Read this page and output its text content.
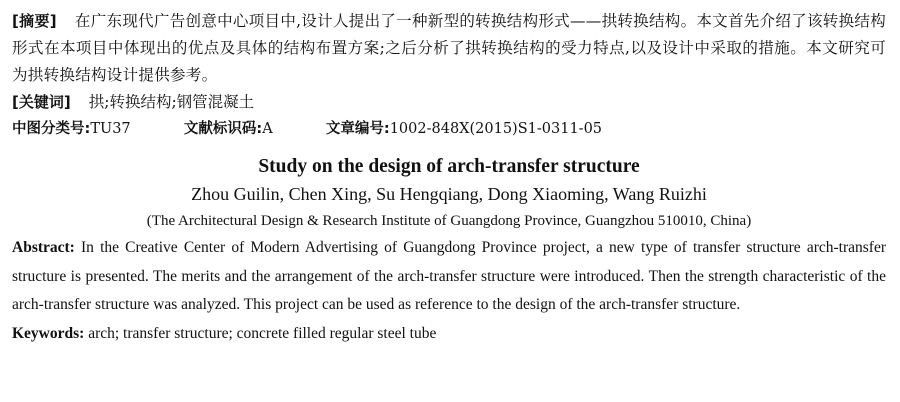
[摘要] 在广东现代广告创意中心项目中,设计人提出了一种新型的转换结构形式——拱转换结构。本文首先介绍了该转换结构形式在本项目中体现出的优点及具体的结构布置方案;之后分析了拱转换结构的受力特点,以及设计中采取的措施。本文研究可为拱转换结构设计提供参考。
[关键词] 拱;转换结构;钢管混凝土
中图分类号:TU37	文献标识码:A	文章编号:1002-848X(2015)S1-0311-05
Study on the design of arch-transfer structure
Zhou Guilin, Chen Xing, Su Hengqiang, Dong Xiaoming, Wang Ruizhi
(The Architectural Design & Research Institute of Guangdong Province, Guangzhou 510010, China)
Abstract: In the Creative Center of Modern Advertising of Guangdong Province project, a new type of transfer structure arch-transfer structure is presented. The merits and the arrangement of the arch-transfer structure were introduced. Then the strength characteristic of the arch-transfer structure was analyzed. This project can be used as reference to the design of the arch-transfer structure.
Keywords: arch; transfer structure; concrete filled regular steel tube
